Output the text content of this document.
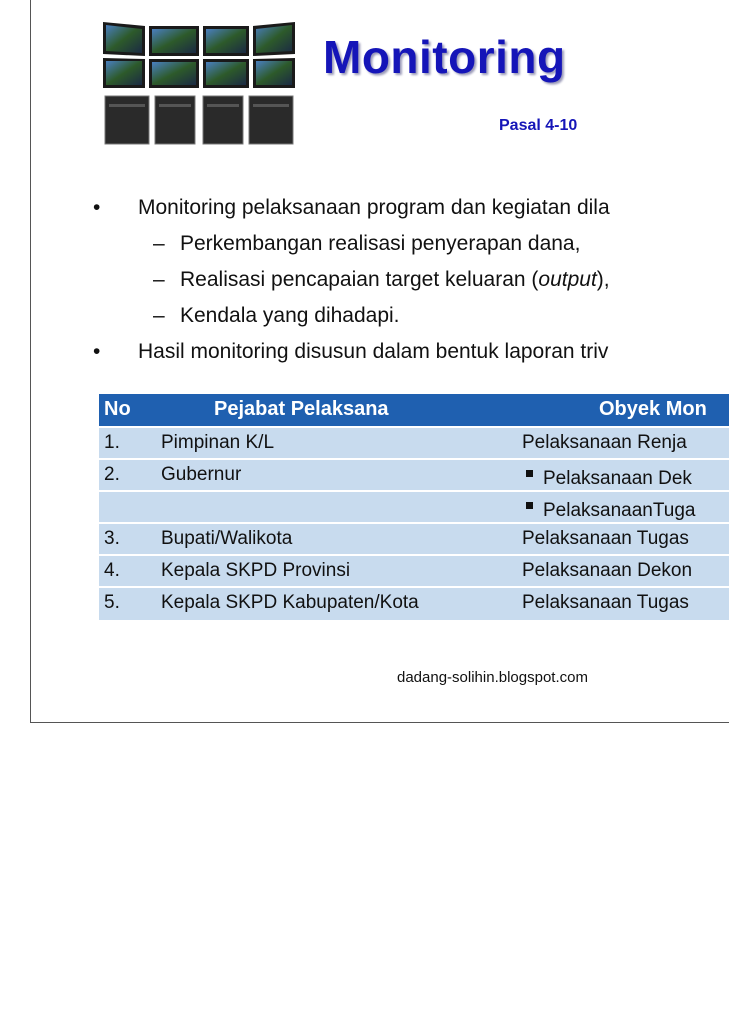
Monitoring
Pasal 4-10
• Monitoring pelaksanaan program dan kegiatan dila
– Perkembangan realisasi penyerapan dana,
– Realisasi pencapaian target keluaran (output),
– Kendala yang dihadapi.
• Hasil monitoring disusun dalam bentuk laporan triv
No	Pejabat Pelaksana	Obyek Mon
1. Pimpinan K/L	Pelaksanaan Renja
2. Gubernur	Pelaksanaan Dek
PelaksanaanTuga
3. Bupati/Walikota	Pelaksanaan Tugas
4. Kepala SKPD Provinsi	Pelaksanaan Dekon
5. Kepala SKPD Kabupaten/Kota	Pelaksanaan Tugas
dadang-solihin.blogspot.com
